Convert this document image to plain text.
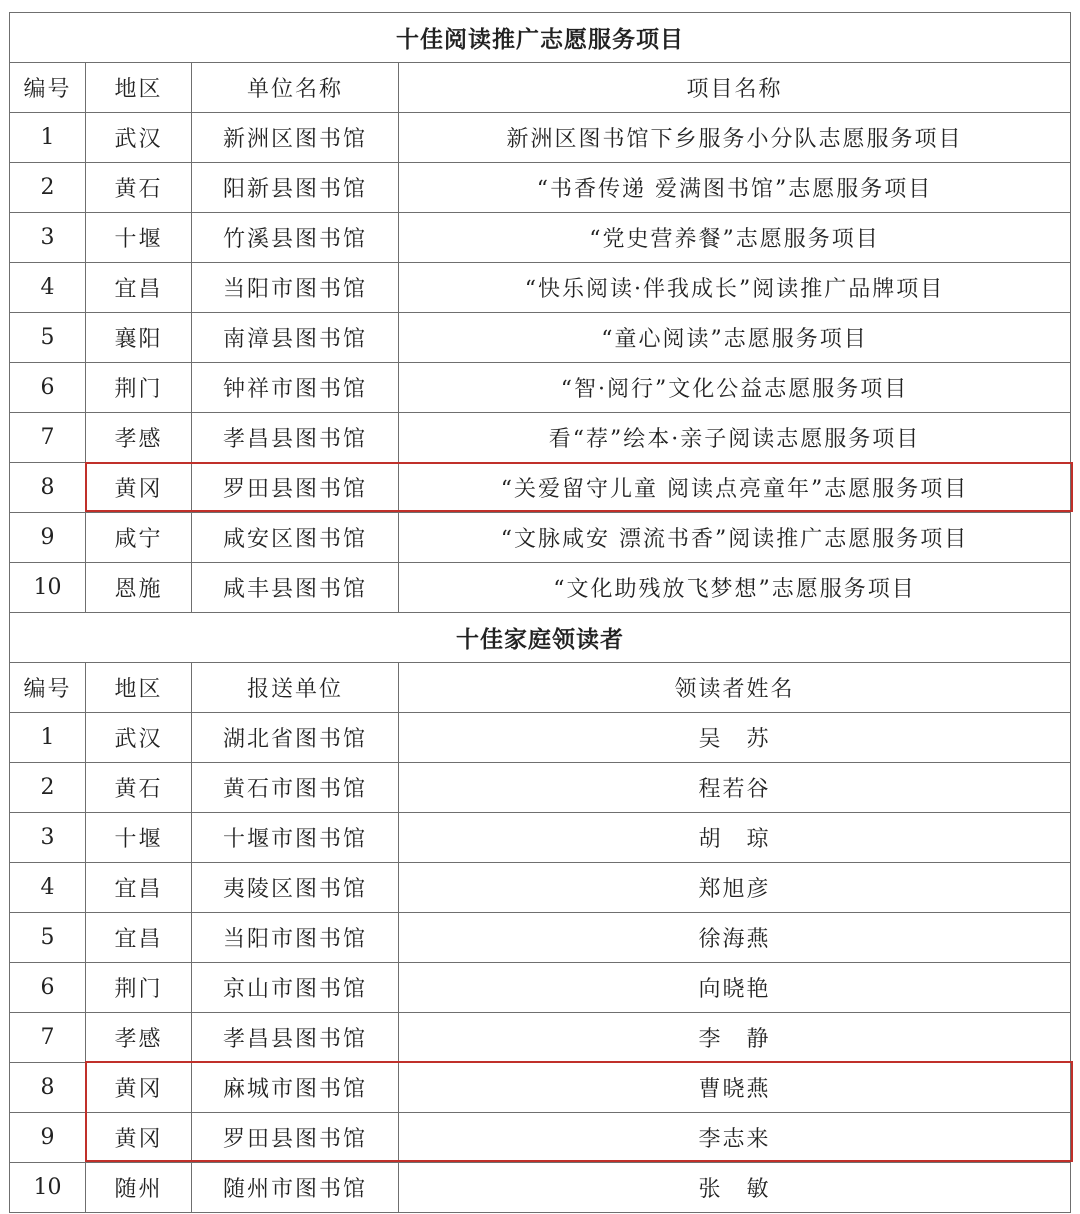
十佳阅读推广志愿服务项目			
编号	地区	单位名称	项目名称
1	武汉	新洲区图书馆	新洲区图书馆下乡服务小分队志愿服务项目
2	黄石	阳新县图书馆	“书香传递 爱满图书馆”志愿服务项目
3	十堰	竹溪县图书馆	“党史营养餐”志愿服务项目
4	宜昌	当阳市图书馆	“快乐阅读·伴我成长”阅读推广品牌项目
5	襄阳	南漳县图书馆	“童心阅读”志愿服务项目
6	荆门	钟祥市图书馆	“智·阅行”文化公益志愿服务项目
7	孝感	孝昌县图书馆	看“荐”绘本·亲子阅读志愿服务项目
8	黄冈	罗田县图书馆	“关爱留守儿童 阅读点亮童年”志愿服务项目
9	咸宁	咸安区图书馆	“文脉咸安 漂流书香”阅读推广志愿服务项目
10	恩施	咸丰县图书馆	“文化助残放飞梦想”志愿服务项目
十佳家庭领读者			
编号	地区	报送单位	领读者姓名
1	武汉	湖北省图书馆	吴　苏
2	黄石	黄石市图书馆	程若谷
3	十堰	十堰市图书馆	胡　琼
4	宜昌	夷陵区图书馆	郑旭彦
5	宜昌	当阳市图书馆	徐海燕
6	荆门	京山市图书馆	向晓艳
7	孝感	孝昌县图书馆	李　静
8	黄冈	麻城市图书馆	曹晓燕
9	黄冈	罗田县图书馆	李志来
10	随州	随州市图书馆	张　敏
